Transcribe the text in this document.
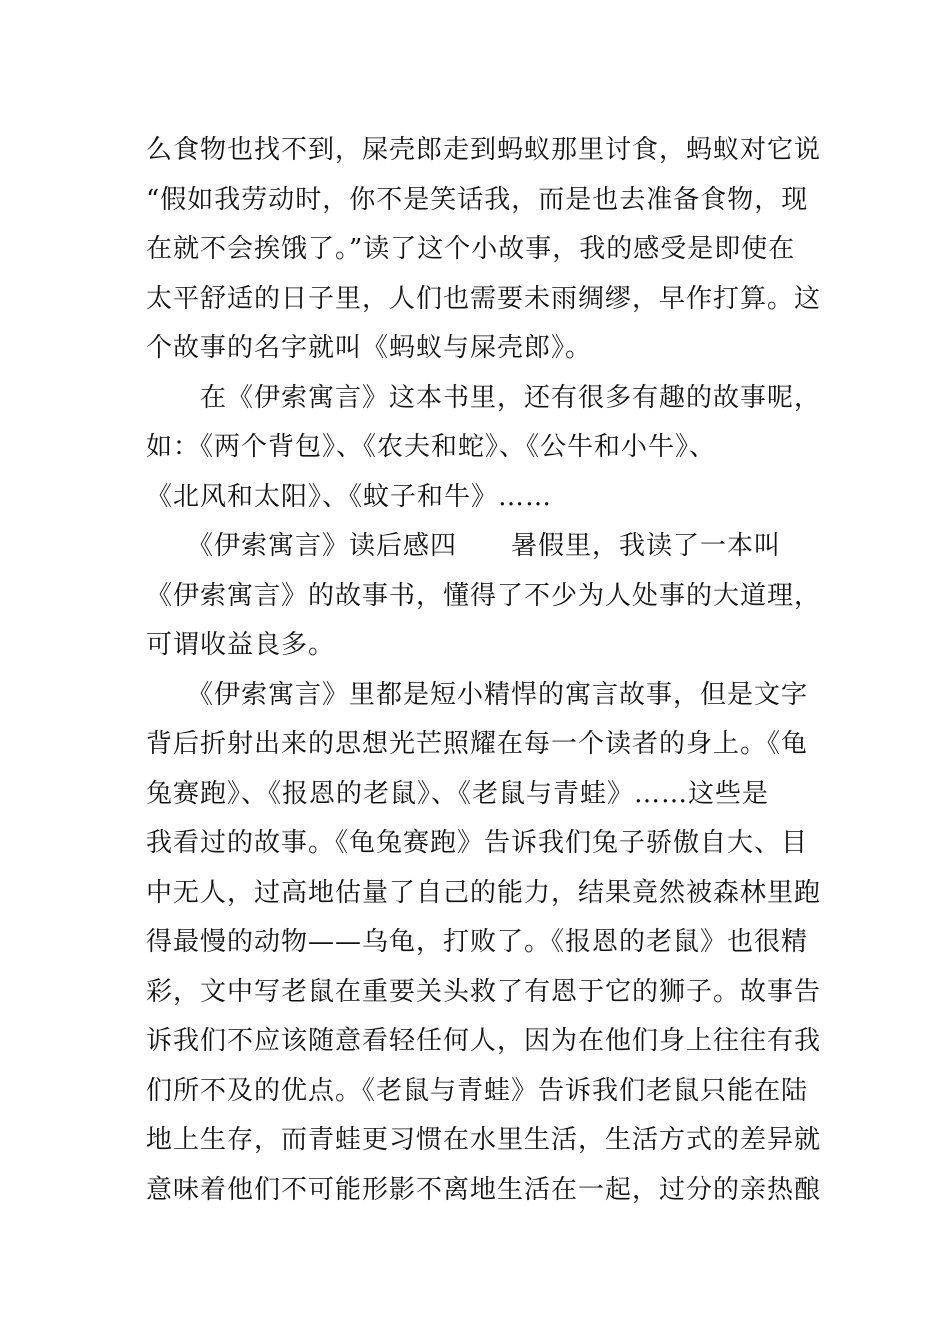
么食物也找不到，屎壳郎走到蚂蚁那里讨食，蚂蚁对它说
“假如我劳动时，你不是笑话我，而是也去准备食物，现
在就不会挨饿了。”读了这个小故事，我的感受是即使在
太平舒适的日子里，人们也需要未雨绸缪，早作打算。这
个故事的名字就叫《蚂蚁与屎壳郎》。
　　在《伊索寓言》这本书里，还有很多有趣的故事呢，
如：《两个背包》、《农夫和蛇》、《公牛和小牛》、
《北风和太阳》、《蚊子和牛》……
　　《伊索寓言》读后感四　　暑假里，我读了一本叫
《伊索寓言》的故事书，懂得了不少为人处事的大道理，
可谓收益良多。
　　《伊索寓言》里都是短小精悍的寓言故事，但是文字
背后折射出来的思想光芒照耀在每一个读者的身上。《龟
兔赛跑》、《报恩的老鼠》、《老鼠与青蛙》……这些是
我看过的故事。《龟兔赛跑》告诉我们兔子骄傲自大、目
中无人，过高地估量了自己的能力，结果竟然被森林里跑
得最慢的动物——乌龟，打败了。《报恩的老鼠》也很精
彩，文中写老鼠在重要关头救了有恩于它的狮子。故事告
诉我们不应该随意看轻任何人，因为在他们身上往往有我
们所不及的优点。《老鼠与青蛙》告诉我们老鼠只能在陆
地上生存，而青蛙更习惯在水里生活，生活方式的差异就
意味着他们不可能形影不离地生活在一起，过分的亲热酿
